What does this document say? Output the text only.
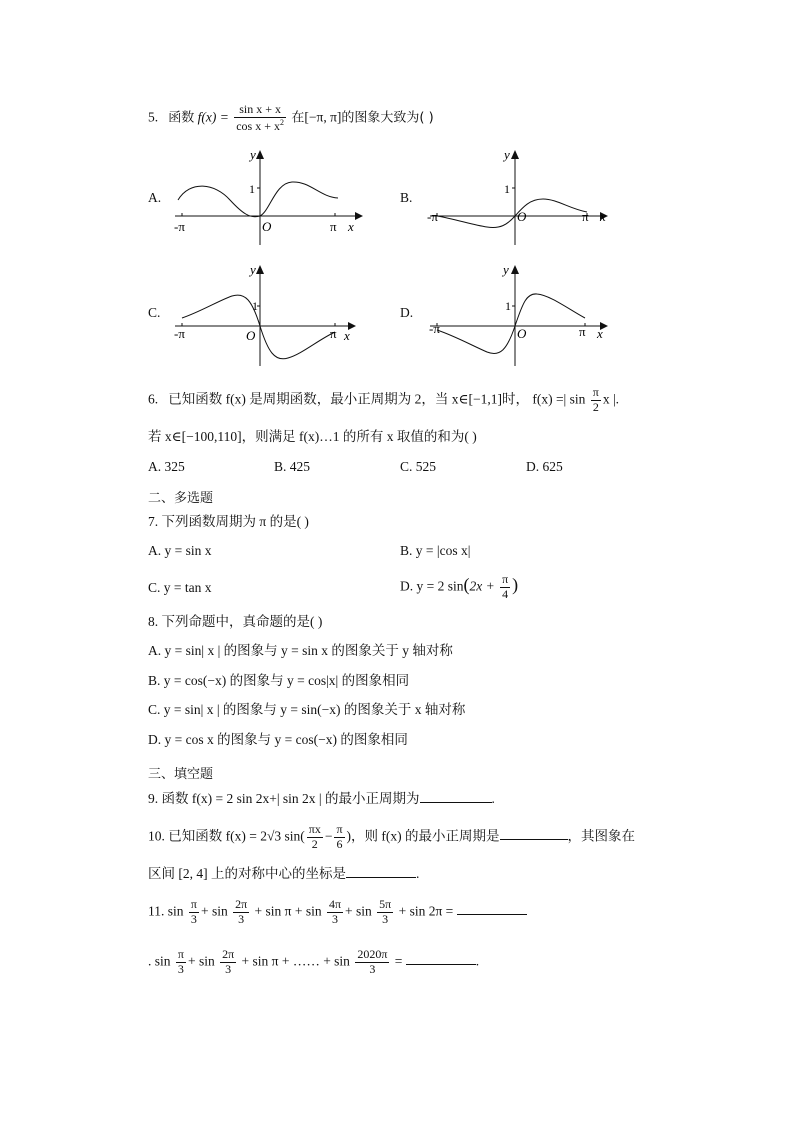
5. 函数 $f(x) = \frac{\text{sin x + x}}{\cos x + x^2}$ 在[−π, π]的图象大致为( )
A.
y
1
-π	O	π x
B.
y
1
-π	O	π x
C.
y
1
-π	O	π x
D.
y
1
-π	O	π x
6. 已知函数 f(x) 是周期函数，最小正周期为 2，当 x∈[−1,1]时， f(x) =| $\sin \frac{\pi}{2}$ x |.
若 x∈[−100,110]，则满足 f(x)…1 的所有 x 取值的和为( )
A. 325	B. 425	C. 525	D. 625
二、多选题
7. 下列函数周期为 π 的是( )
A. y = sin x	B. y = |cos x|
C. y = tan x	D. y = 2 $\sin(2x + \frac{\pi}{4}$ )
8. 下列命题中，真命题的是( )
A. y = sin| x | 的图象与 y = sin x 的图象关于 y 轴对称
B. y = cos(−x) 的图象与 y = cos|x| 的图象相同
C. y = sin| x | 的图象与 y = sin(−x) 的图象关于 x 轴对称
D. y = cos x 的图象与 y = cos(−x) 的图象相同
三、填空题
9. 函数 f(x) = 2 sin 2x+| sin 2x | 的最小正周期为	.
10. 已知函数 f(x) = 2√3 $\sin( \frac{\pi x}{2} - \frac{\pi}{6}$ )，则 f(x) 的最小正周期是	，其图象在
区间 [2, 4] 上的对称中心的坐标是	.
11. $\sin \frac{\pi}{3} + \sin \frac{2\pi}{3} + \sin \pi + \sin \frac{4\pi}{3} + \sin \frac{5\pi}{3} + \sin 2\pi$ =
. $\sin \frac{\pi}{3} + \sin \frac{2\pi}{3} + \sin \pi$ + …… + $\sin \frac{2020\pi}{3}$ =	.
